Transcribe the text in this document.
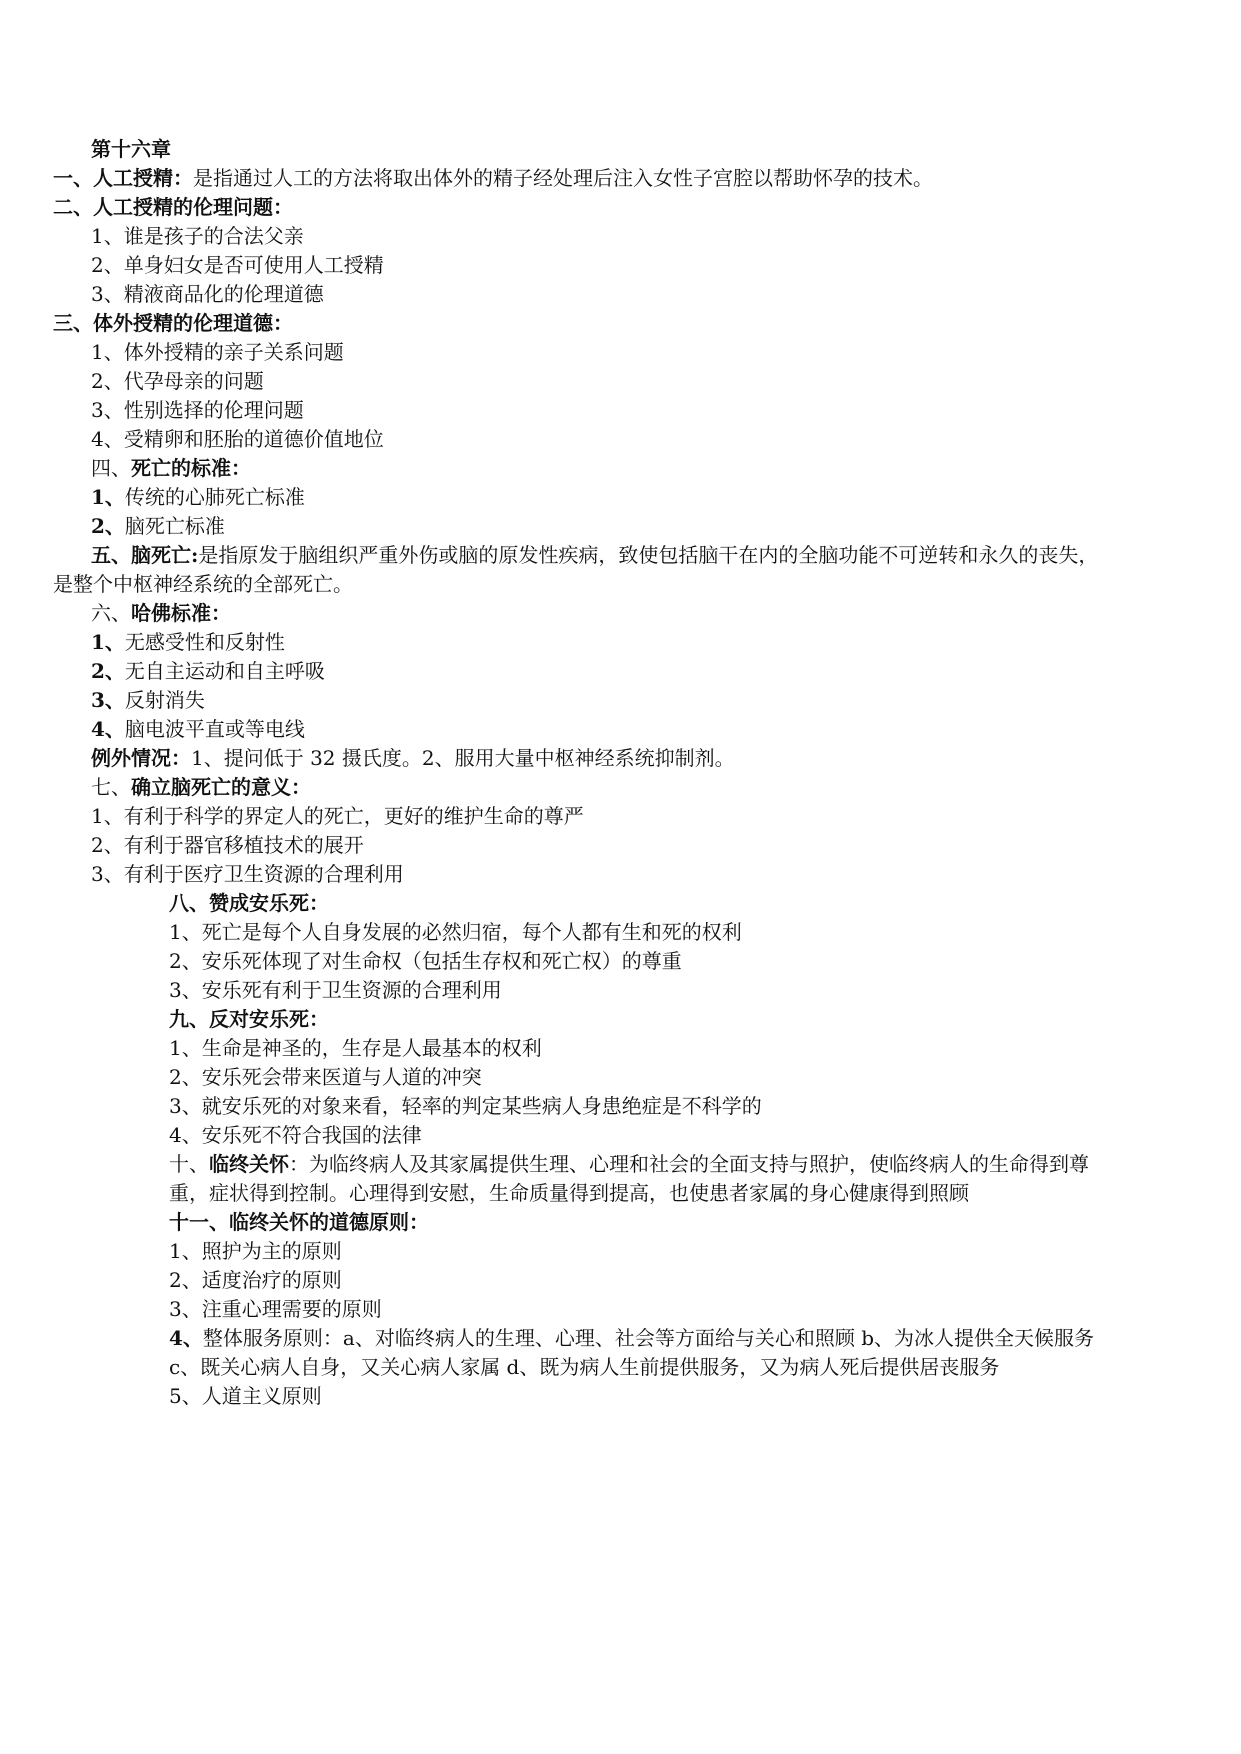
第十六章
一、人工授精：是指通过人工的方法将取出体外的精子经处理后注入女性子宫腔以帮助怀孕的技术。
二、人工授精的伦理问题：
1、谁是孩子的合法父亲
2、单身妇女是否可使用人工授精
3、精液商品化的伦理道德
三、体外授精的伦理道德：
1、体外授精的亲子关系问题
2、代孕母亲的问题
3、性别选择的伦理问题
4、受精卵和胚胎的道德价值地位
四、死亡的标准：
1、传统的心肺死亡标准
2、脑死亡标准
五、脑死亡:是指原发于脑组织严重外伤或脑的原发性疾病，致使包括脑干在内的全脑功能不可逆转和永久的丧失，
是整个中枢神经系统的全部死亡。
六、哈佛标准：
1、无感受性和反射性
2、无自主运动和自主呼吸
3、反射消失
4、脑电波平直或等电线
例外情况：1、提问低于 32 摄氏度。2、服用大量中枢神经系统抑制剂。
七、确立脑死亡的意义：
1、有利于科学的界定人的死亡，更好的维护生命的尊严
2、有利于器官移植技术的展开
3、有利于医疗卫生资源的合理利用
八、赞成安乐死：
1、死亡是每个人自身发展的必然归宿，每个人都有生和死的权利
2、安乐死体现了对生命权（包括生存权和死亡权）的尊重
3、安乐死有利于卫生资源的合理利用
九、反对安乐死：
1、生命是神圣的，生存是人最基本的权利
2、安乐死会带来医道与人道的冲突
3、就安乐死的对象来看，轻率的判定某些病人身患绝症是不科学的
4、安乐死不符合我国的法律
十、临终关怀：为临终病人及其家属提供生理、心理和社会的全面支持与照护，使临终病人的生命得到尊
重，症状得到控制。心理得到安慰，生命质量得到提高，也使患者家属的身心健康得到照顾
十一、临终关怀的道德原则：
1、照护为主的原则
2、适度治疗的原则
3、注重心理需要的原则
4、整体服务原则：a、对临终病人的生理、心理、社会等方面给与关心和照顾 b、为冰人提供全天候服务
c、既关心病人自身，又关心病人家属 d、既为病人生前提供服务，又为病人死后提供居丧服务
5、人道主义原则
